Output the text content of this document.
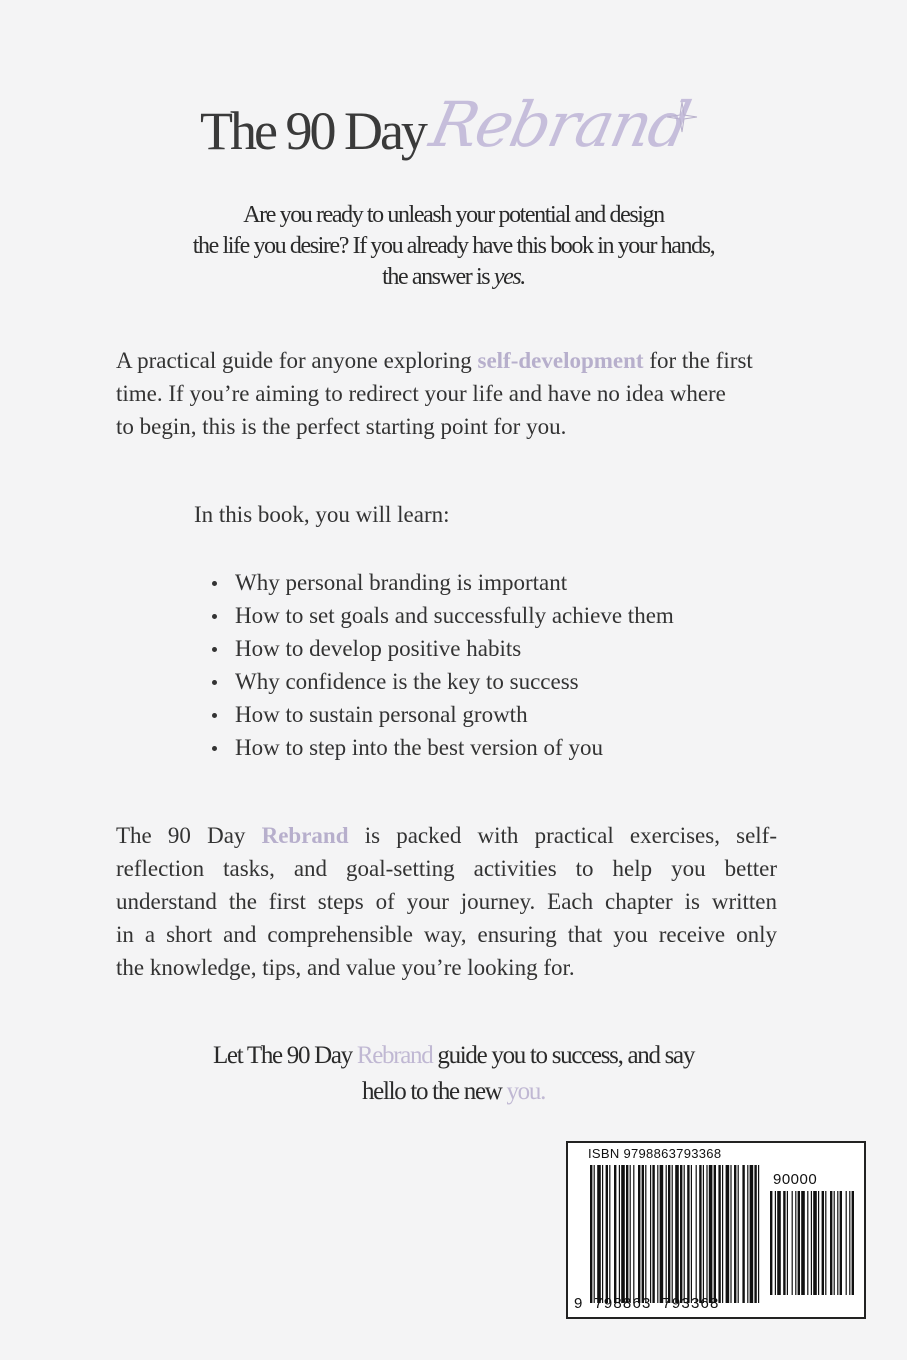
The 90 Day Rebrand
Are you ready to unleash your potential and design
the life you desire? If you already have this book in your hands,
the answer is yes.
A practical guide for anyone exploring self-development for the first
time. If you’re aiming to redirect your life and have no idea where
to begin, this is the perfect starting point for you.
In this book, you will learn:
Why personal branding is important
How to set goals and successfully achieve them
How to develop positive habits
Why confidence is the key to success
How to sustain personal growth
How to step into the best version of you
The 90 Day Rebrand is packed with practical exercises, self-
reflection tasks, and goal-setting activities to help you better
understand the first steps of your journey. Each chapter is written
in a short and comprehensible way, ensuring that you receive only
the knowledge, tips, and value you’re looking for.
Let The 90 Day Rebrand guide you to success, and say
hello to the new you.
ISBN 9798863793368
90000
9 798863 793368
